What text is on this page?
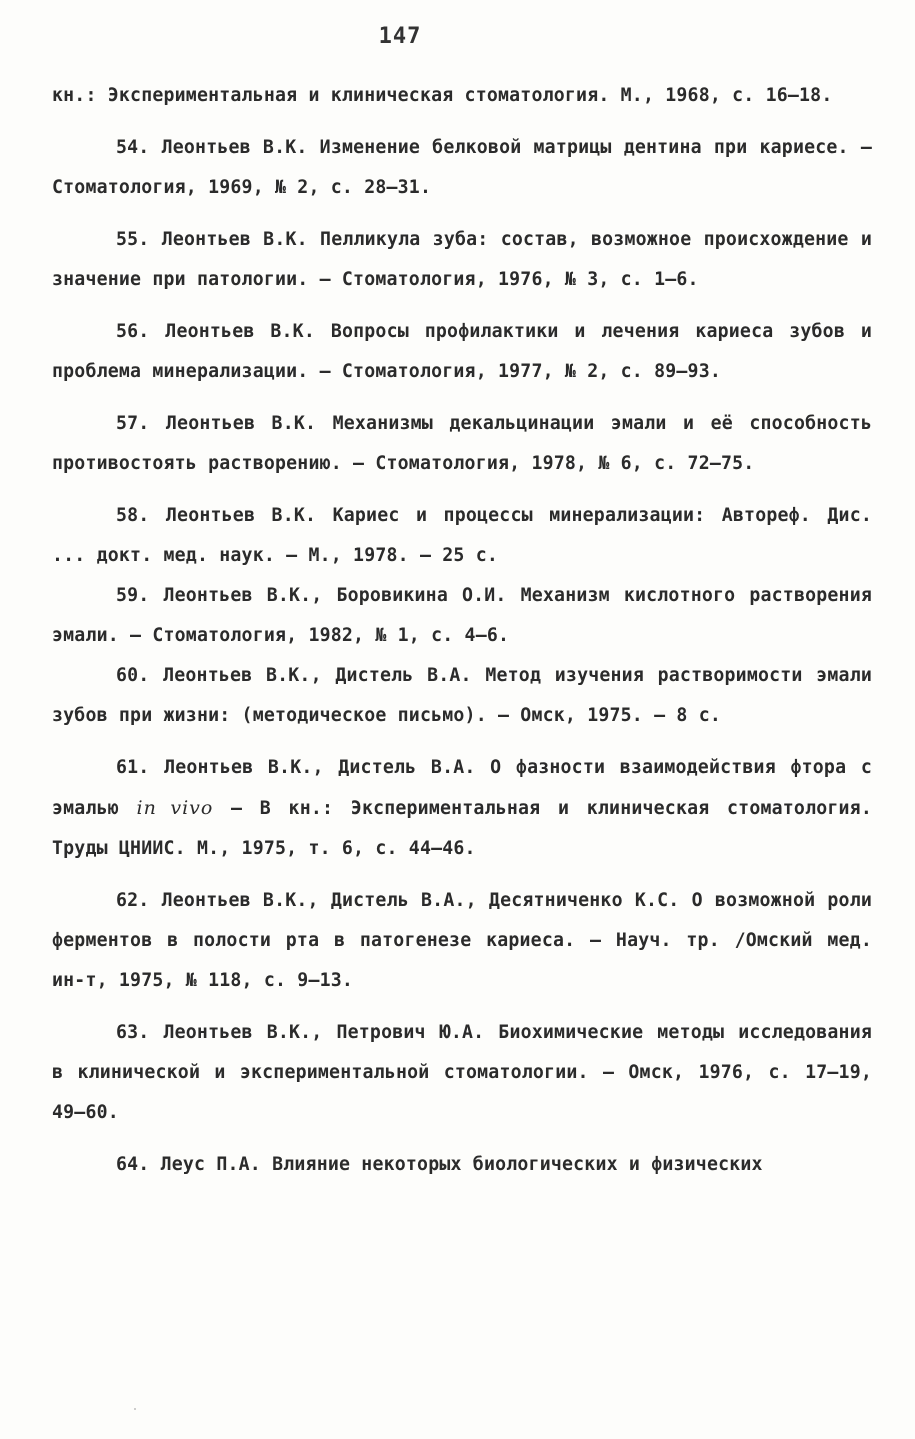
147

кн.: Экспериментальная и клиническая стоматология. М., 1968, с. 16–18.

54. Леонтьев В.К. Изменение белковой матрицы дентина при кариесе. – Стоматология, 1969, № 2, с. 28–31.

55. Леонтьев В.К. Пелликула зуба: состав, возможное происхождение и значение при патологии. – Стоматология, 1976, № 3, с. 1–6.

56. Леонтьев В.К. Вопросы профилактики и лечения кариеса зубов и проблема минерализации. – Стоматология, 1977, № 2, с. 89–93.

57. Леонтьев В.К. Механизмы декальцинации эмали и её способность противостоять растворению. – Стоматология, 1978, № 6, с. 72–75.

58. Леонтьев В.К. Кариес и процессы минерализации: Автореф. Дис. ... докт. мед. наук. – М., 1978. – 25 с.

59. Леонтьев В.К., Боровикина О.И. Механизм кислотного растворения эмали. – Стоматология, 1982, № 1, с. 4–6.

60. Леонтьев В.К., Дистель В.А. Метод изучения растворимости эмали зубов при жизни: (методическое письмо). – Омск, 1975. – 8 с.

61. Леонтьев В.К., Дистель В.А. О фазности взаимодействия фтора с эмалью in vivo – В кн.: Экспериментальная и клиническая стоматология. Труды ЦНИИС. М., 1975, т. 6, с. 44–46.

62. Леонтьев В.К., Дистель В.А., Десятниченко К.С. О возможной роли ферментов в полости рта в патогенезе кариеса. – Науч. тр. /Омский мед. ин-т, 1975, № 118, с. 9–13.

63. Леонтьев В.К., Петрович Ю.А. Биохимические методы исследования в клинической и экспериментальной стоматологии. – Омск, 1976, с. 17–19, 49–60.

64. Леус П.А. Влияние некоторых биологических и физических
